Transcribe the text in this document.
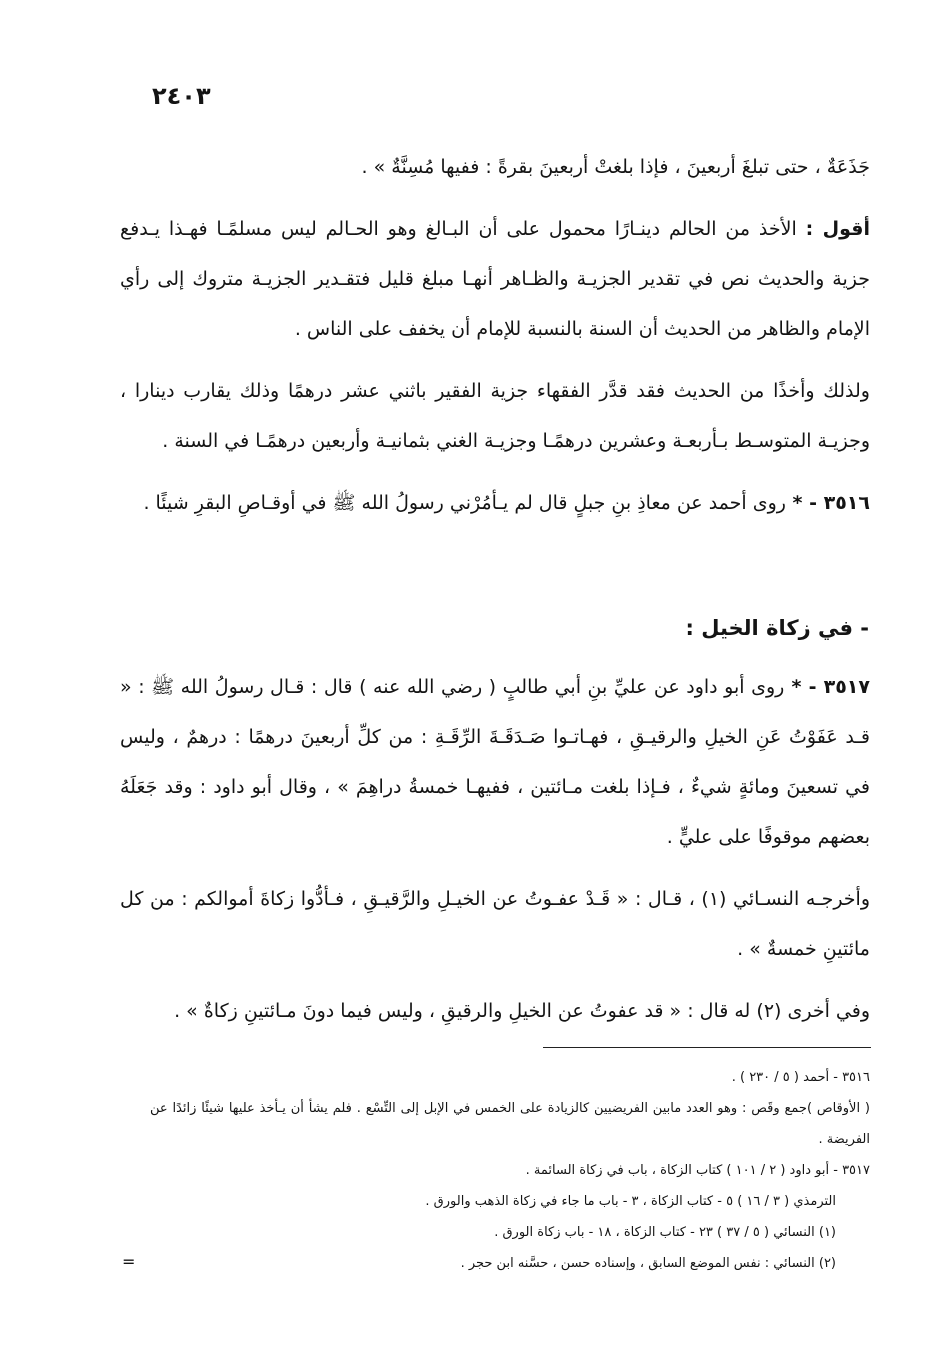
٢٤٠٣

جَذَعَةٌ ، حتى تبلغَ أربعينَ ، فإذا بلغتْ أربعينَ بقرةً : ففيها مُسِنَّةٌ » .

أقول : الأخذ من الحالم دينـارًا محمول على أن البـالغ وهو الحـالم ليس مسلمًـا فهـذا يـدفع جزية والحديث نص في تقدير الجزيـة والظـاهر أنهـا مبلغ قليل فتقـدير الجزيـة متروك إلى رأي الإمام والظاهر من الحديث أن السنة بالنسبة للإمام أن يخفف على الناس .

ولذلك وأخذًا من الحديث فقد قدَّر الفقهاء جزية الفقير باثني عشر درهمًا وذلك يقارب دينارا ، وجزيـة المتوسـط بـأربعـة وعشرين درهمًـا وجزيـة الغني بثمانيـة وأربعين درهمًـا في السنة .

٣٥١٦ - * روى أحمد عن معاذِ بنِ جبلٍ قال لم يـأمُرْني رسولُ الله ﷺ في أوقـاصِ البقرِ شيئًا .

- في زكاة الخيل :

٣٥١٧ - * روى أبو داود عن عليِّ بنِ أبي طالبٍ ( رضي الله عنه ) قال : قـال رسولُ الله ﷺ : « قـد عَفَوْتُ عَنِ الخيلِ والرقيـقِ ، فهـاتـوا صَـدَقَـةَ الرِّقَـةِ : من كلِّ أربعينَ درهمًا : درهمٌ ، وليس في تسعينَ ومائةٍ شيءٌ ، فـإذا بلغت مـائتين ، ففيهـا خمسةُ دراهِمَ » ، وقال أبو داود : وقد جَعَلَهُ بعضهم موقوفًا على عليٍّ .

وأخرجـه النسـائي (١) ، قـال : « قَـدْ عفـوتُ عن الخيـلِ والرَّقيـقِ ، فـأدُّوا زكاةَ أموالكم : من كل مائتينِ خمسةٌ » .

وفي أخرى (٢) له قال : « قد عفوتُ عن الخيلِ والرقيقِ ، وليس فيما دونَ مـائتينِ زكاةٌ » .

٣٥١٦ - أحمد ( ٥ / ٢٣٠ ) .

( الأوقاص )جمع وقَص : وهو العدد مابين الفريضيين كالزيادة على الخمس في الإبل إلى التِّسْع . فلم يشأ أن يـأخذ عليها شيئًا زائدًا عن الفريضة .

٣٥١٧ - أبو داود ( ٢ / ١٠١ ) كتاب الزكاة ، باب في زكاة السائمة .

الترمذي ( ٣ / ١٦ ) ٥ - كتاب الزكاة ، ٣ - باب ما جاء في زكاة الذهب والورق .

(١) النسائي ( ٥ / ٣٧ ) ٢٣ - كتاب الزكاة ، ١٨ - باب زكاة الورق .

(٢) النسائي : نفس الموضع السابق ، وإسناده حسن ، حسَّنه ابن حجر .

=
